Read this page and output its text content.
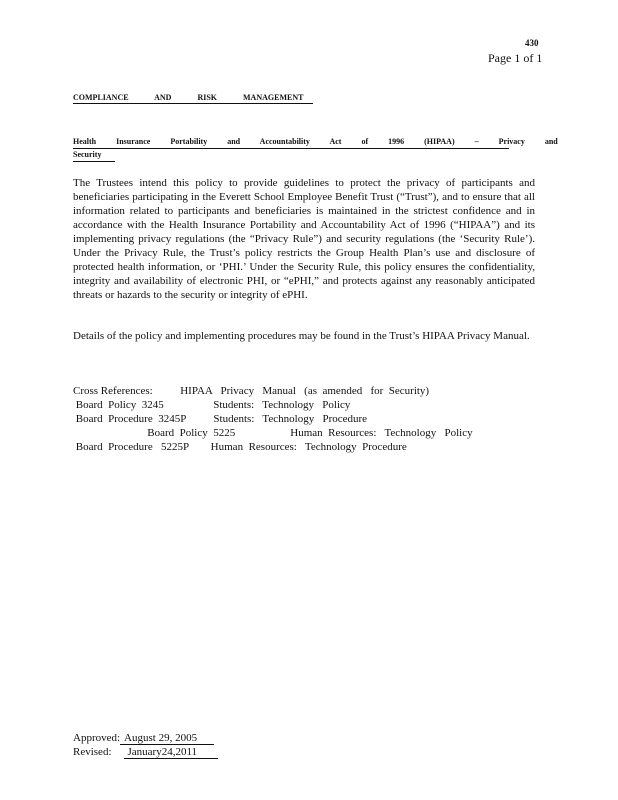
430
Page 1 of 1
COMPLIANCE AND RISK MANAGEMENT
Health Insurance Portability and Accountability Act of 1996 (HIPAA) – Privacy and
Security
The Trustees intend this policy to provide guidelines to protect the privacy of participants and beneficiaries participating in the Everett School Employee Benefit Trust (“Trust”), and to ensure that all information related to participants and beneficiaries is maintained in the strictest confidence and in accordance with the Health Insurance Portability and Accountability Act of 1996 (“HIPAA”) and its implementing privacy regulations (the “Privacy Rule”) and security regulations (the ‘Security Rule’). Under the Privacy Rule, the Trust’s policy restricts the Group Health Plan’s use and disclosure of protected health information, or ‘PHI.’ Under the Security Rule, this policy ensures the confidentiality, integrity and availability of electronic PHI, or “ePHI,” and protects against any reasonably anticipated threats or hazards to the security or integrity of ePHI.
Details of the policy and implementing procedures may be found in the Trust’s HIPAA Privacy Manual.
Cross References:          HIPAA   Privacy   Manual   (as  amended   for  Security)
Board  Policy  3245                  Students:   Technology   Policy
Board  Procedure  3245P          Students:   Technology   Procedure
Board  Policy  5225                    Human  Resources:   Technology   Policy
Board  Procedure   5225P        Human  Resources:   Technology  Procedure
Approved: August 29, 2005
Revised: January24,2011
